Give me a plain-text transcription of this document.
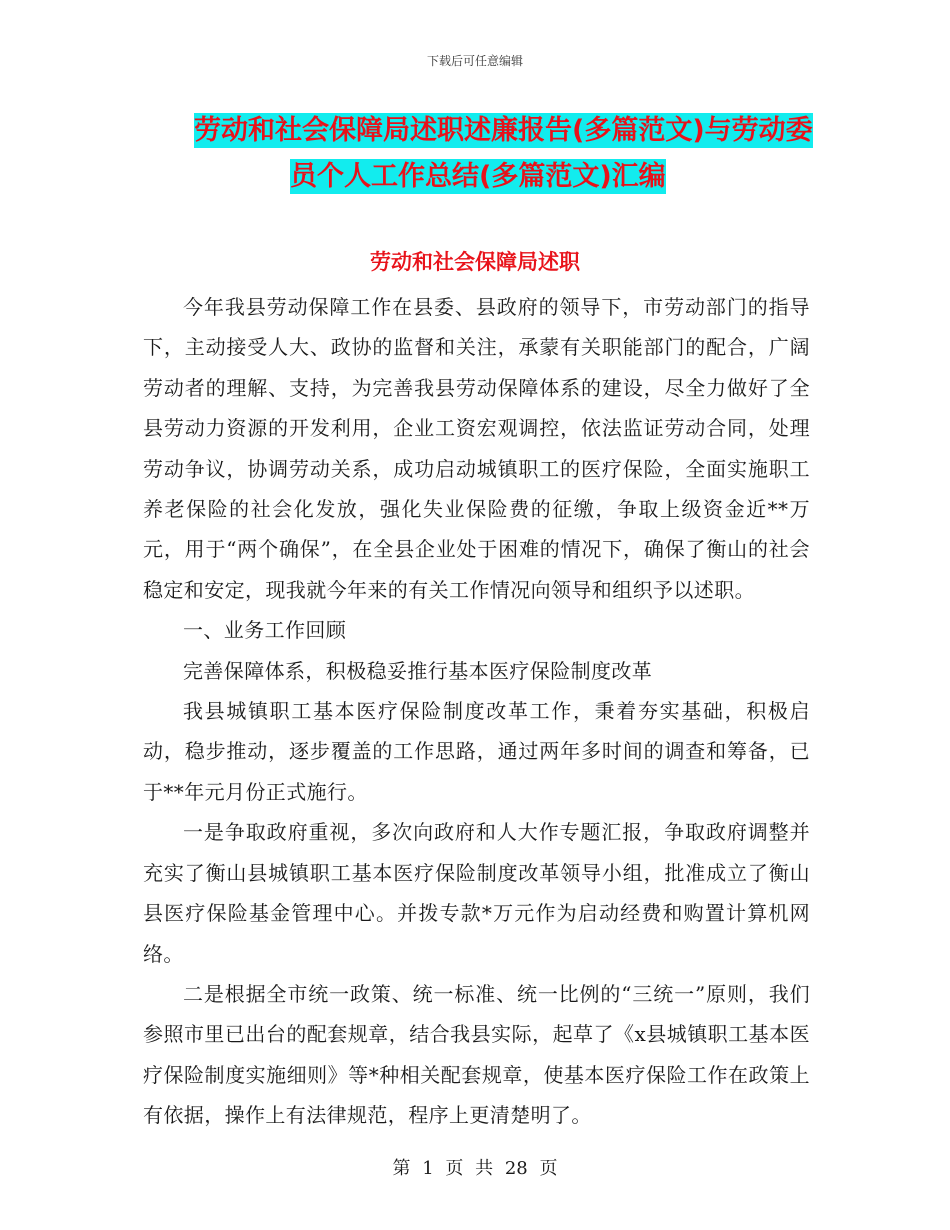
下载后可任意编辑
劳动和社会保障局述职述廉报告(多篇范文)与劳动委
员个人工作总结(多篇范文)汇编
劳动和社会保障局述职

今年我县劳动保障工作在县委、县政府的领导下，市劳动部门的指导下，主动接受人大、政协的监督和关注，承蒙有关职能部门的配合，广阔劳动者的理解、支持，为完善我县劳动保障体系的建设，尽全力做好了全县劳动力资源的开发利用，企业工资宏观调控，依法监证劳动合同，处理劳动争议，协调劳动关系，成功启动城镇职工的医疗保险，全面实施职工养老保险的社会化发放，强化失业保险费的征缴，争取上级资金近**万元，用于“两个确保”，在全县企业处于困难的情况下，确保了衡山的社会稳定和安定，现我就今年来的有关工作情况向领导和组织予以述职。

一、业务工作回顾

完善保障体系，积极稳妥推行基本医疗保险制度改革

我县城镇职工基本医疗保险制度改革工作，秉着夯实基础，积极启动，稳步推动，逐步覆盖的工作思路，通过两年多时间的调查和筹备，已于**年元月份正式施行。

一是争取政府重视，多次向政府和人大作专题汇报，争取政府调整并充实了衡山县城镇职工基本医疗保险制度改革领导小组，批准成立了衡山县医疗保险基金管理中心。并拨专款*万元作为启动经费和购置计算机网络。

二是根据全市统一政策、统一标准、统一比例的“三统一”原则，我们参照市里已出台的配套规章，结合我县实际，起草了《x县城镇职工基本医疗保险制度实施细则》等*种相关配套规章，使基本医疗保险工作在政策上有依据，操作上有法律规范，程序上更清楚明了。

第 1 页 共 28 页
